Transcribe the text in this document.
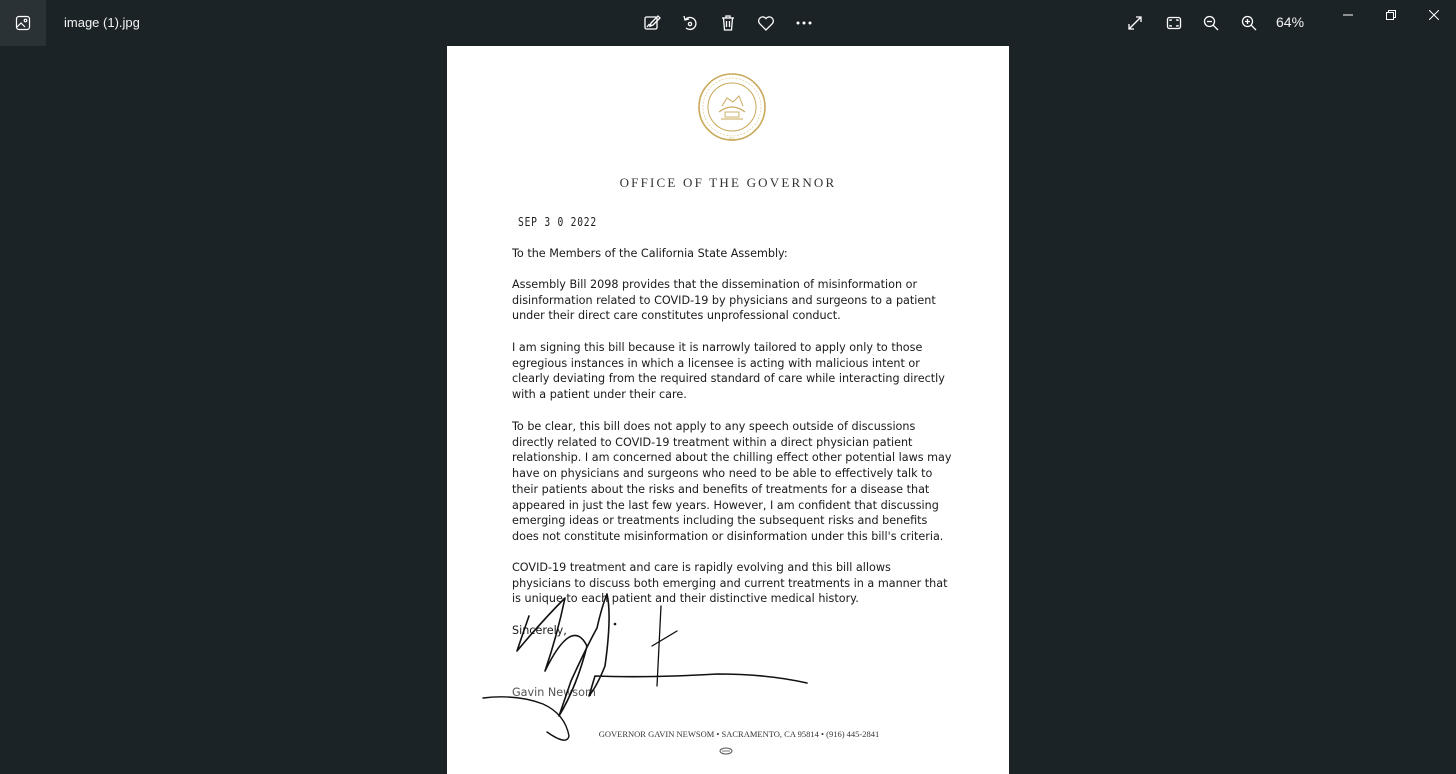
image (1).jpg	64%
XL
OFFICE OF THE GOVERNOR
SEP 3 0 2022
To the Members of the California State Assembly:

Assembly Bill 2098 provides that the dissemination of misinformation or disinformation related to COVID-19 by physicians and surgeons to a patient under their direct care constitutes unprofessional conduct.

I am signing this bill because it is narrowly tailored to apply only to those egregious instances in which a licensee is acting with malicious intent or clearly deviating from the required standard of care while interacting directly with a patient under their care.

To be clear, this bill does not apply to any speech outside of discussions directly related to COVID-19 treatment within a direct physician patient relationship. I am concerned about the chilling effect other potential laws may have on physicians and surgeons who need to be able to effectively talk to their patients about the risks and benefits of treatments for a disease that appeared in just the last few years. However, I am confident that discussing emerging ideas or treatments including the subsequent risks and benefits does not constitute misinformation or disinformation under this bill's criteria.

COVID-19 treatment and care is rapidly evolving and this bill allows physicians to discuss both emerging and current treatments in a manner that is unique to each patient and their distinctive medical history.

Sincerely,
Gavin Newsom
GOVERNOR GAVIN NEWSOM • SACRAMENTO, CA 95814 • (916) 445-2841
